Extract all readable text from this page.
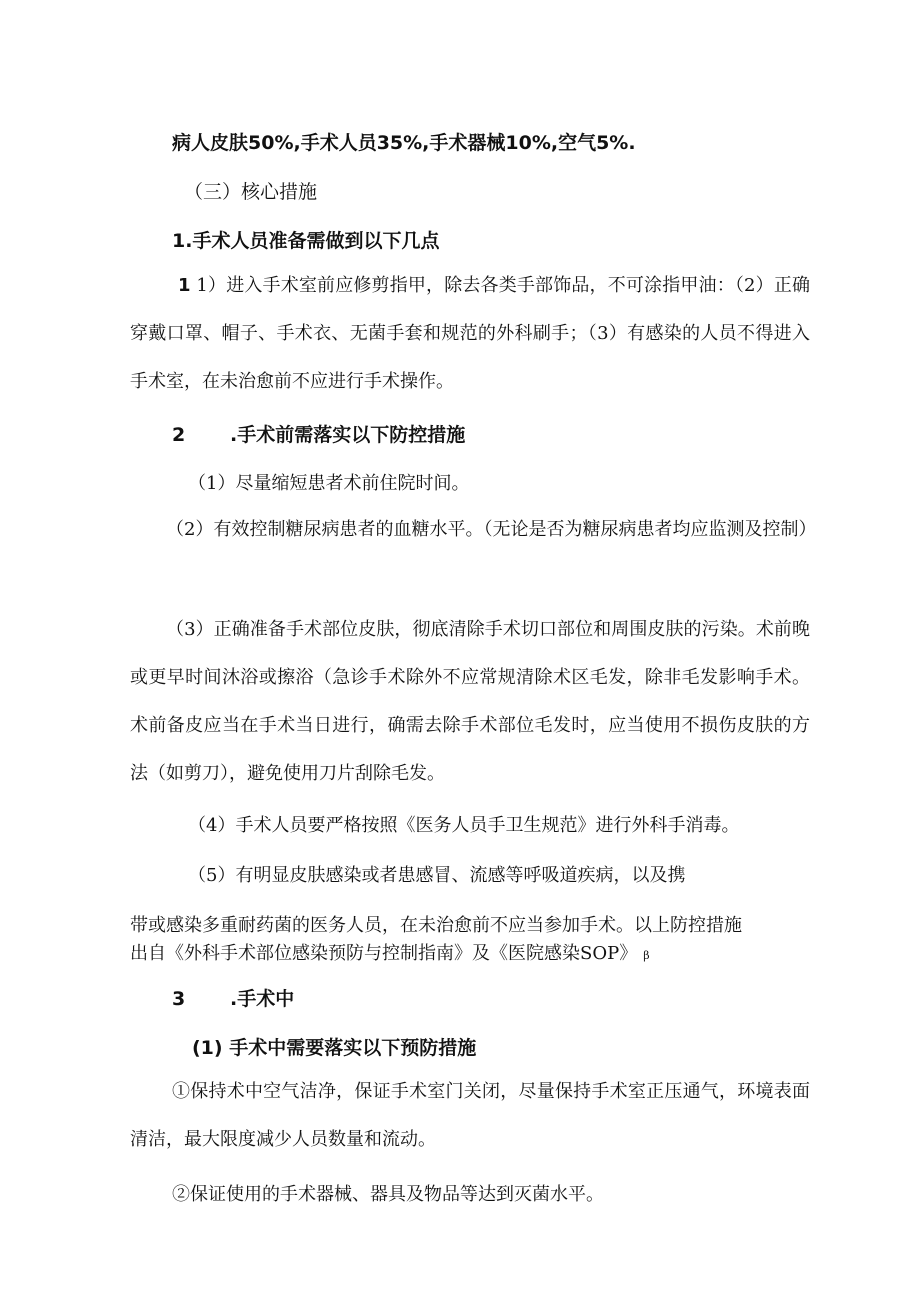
病人皮肤50%,手术人员35%,手术器械10%,空气5%.

（三）核心措施

1.手术人员准备需做到以下几点

1 1）进入手术室前应修剪指甲，除去各类手部饰品，不可涂指甲油：（2）正确穿戴口罩、帽子、手术衣、无菌手套和规范的外科刷手；（3）有感染的人员不得进入手术室，在未治愈前不应进行手术操作。

2 .手术前需落实以下防控措施

（1）尽量缩短患者术前住院时间。

（2）有效控制糖尿病患者的血糖水平。（无论是否为糖尿病患者均应监测及控制）

（3）正确准备手术部位皮肤，彻底清除手术切口部位和周围皮肤的污染。术前晚或更早时间沐浴或擦浴（急诊手术除外不应常规清除术区毛发，除非毛发影响手术。术前备皮应当在手术当日进行，确需去除手术部位毛发时，应当使用不损伤皮肤的方法（如剪刀），避免使用刀片刮除毛发。

（4）手术人员要严格按照《医务人员手卫生规范》进行外科手消毒。

（5）有明显皮肤感染或者患感冒、流感等呼吸道疾病，以及携

带或感染多重耐药菌的医务人员，在未治愈前不应当参加手术。以上防控措施

出自《外科手术部位感染预防与控制指南》及《医院感染SOP》 β

3 .手术中

(1) 手术中需要落实以下预防措施

①保持术中空气洁净，保证手术室门关闭，尽量保持手术室正压通气，环境表面清洁，最大限度减少人员数量和流动。

②保证使用的手术器械、器具及物品等达到灭菌水平。
